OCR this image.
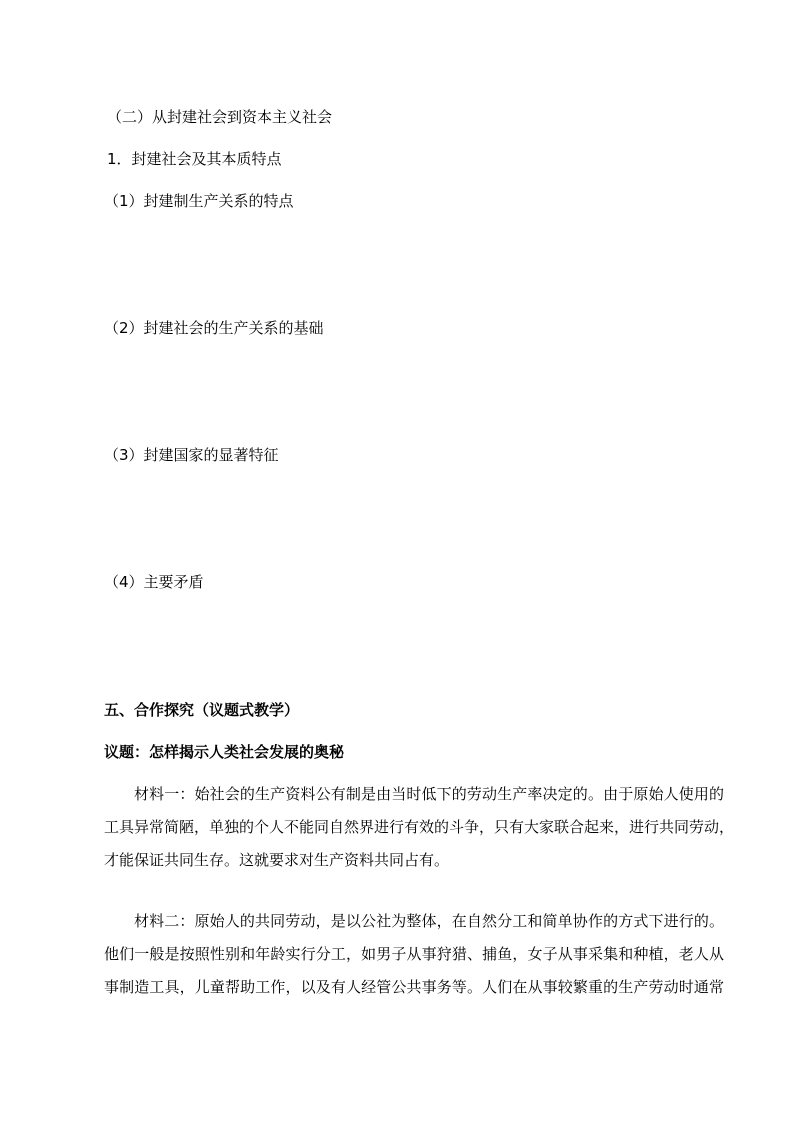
（二）从封建社会到资本主义社会

1．封建社会及其本质特点

（1）封建制生产关系的特点

（2）封建社会的生产关系的基础

（3）封建国家的显著特征

（4）主要矛盾

五、合作探究（议题式教学）

议题：怎样揭示人类社会发展的奥秘

材料一：始社会的生产资料公有制是由当时低下的劳动生产率决定的。由于原始人使用的
工具异常简陋，单独的个人不能同自然界进行有效的斗争，只有大家联合起来，进行共同劳动，
才能保证共同生存。这就要求对生产资料共同占有。
材料二：原始人的共同劳动，是以公社为整体，在自然分工和简单协作的方式下进行的。
他们一般是按照性别和年龄实行分工，如男子从事狩猎、捕鱼，女子从事采集和种植，老人从
事制造工具，儿童帮助工作，以及有人经管公共事务等。人们在从事较繁重的生产劳动时通常
